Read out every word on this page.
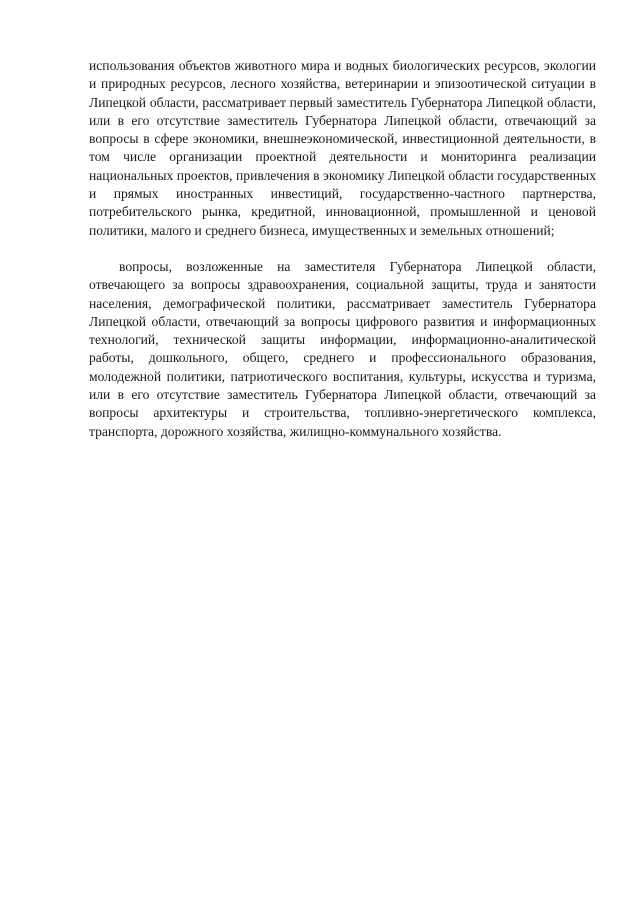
использования объектов животного мира и водных биологических ресурсов, экологии и природных ресурсов, лесного хозяйства, ветеринарии и эпизоотической ситуации в Липецкой области, рассматривает первый заместитель Губернатора Липецкой области, или в его отсутствие заместитель Губернатора Липецкой области, отвечающий за вопросы в сфере экономики, внешнеэкономической, инвестиционной деятельности, в том числе организации проектной деятельности и мониторинга реализации национальных проектов, привлечения в экономику Липецкой области государственных и прямых иностранных инвестиций, государственно-частного партнерства, потребительского рынка, кредитной, инновационной, промышленной и ценовой политики, малого и среднего бизнеса, имущественных и земельных отношений;

вопросы, возложенные на заместителя Губернатора Липецкой области, отвечающего за вопросы здравоохранения, социальной защиты, труда и занятости населения, демографической политики, рассматривает заместитель Губернатора Липецкой области, отвечающий за вопросы цифрового развития и информационных технологий, технической защиты информации, информационно-аналитической работы, дошкольного, общего, среднего и профессионального образования, молодежной политики, патриотического воспитания, культуры, искусства и туризма, или в его отсутствие заместитель Губернатора Липецкой области, отвечающий за вопросы архитектуры и строительства, топливно-энергетического комплекса, транспорта, дорожного хозяйства, жилищно-коммунального хозяйства.
